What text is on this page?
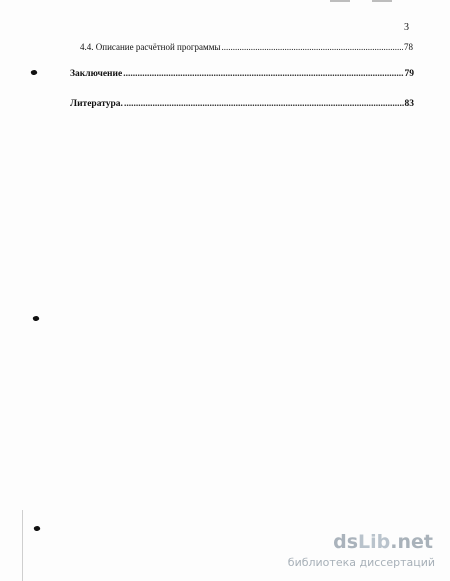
3
4.4. Описание расчётной программы .....	78
Заключение .....	79
Литература. .....	83
dsLib.net
библиотека диссертаций
